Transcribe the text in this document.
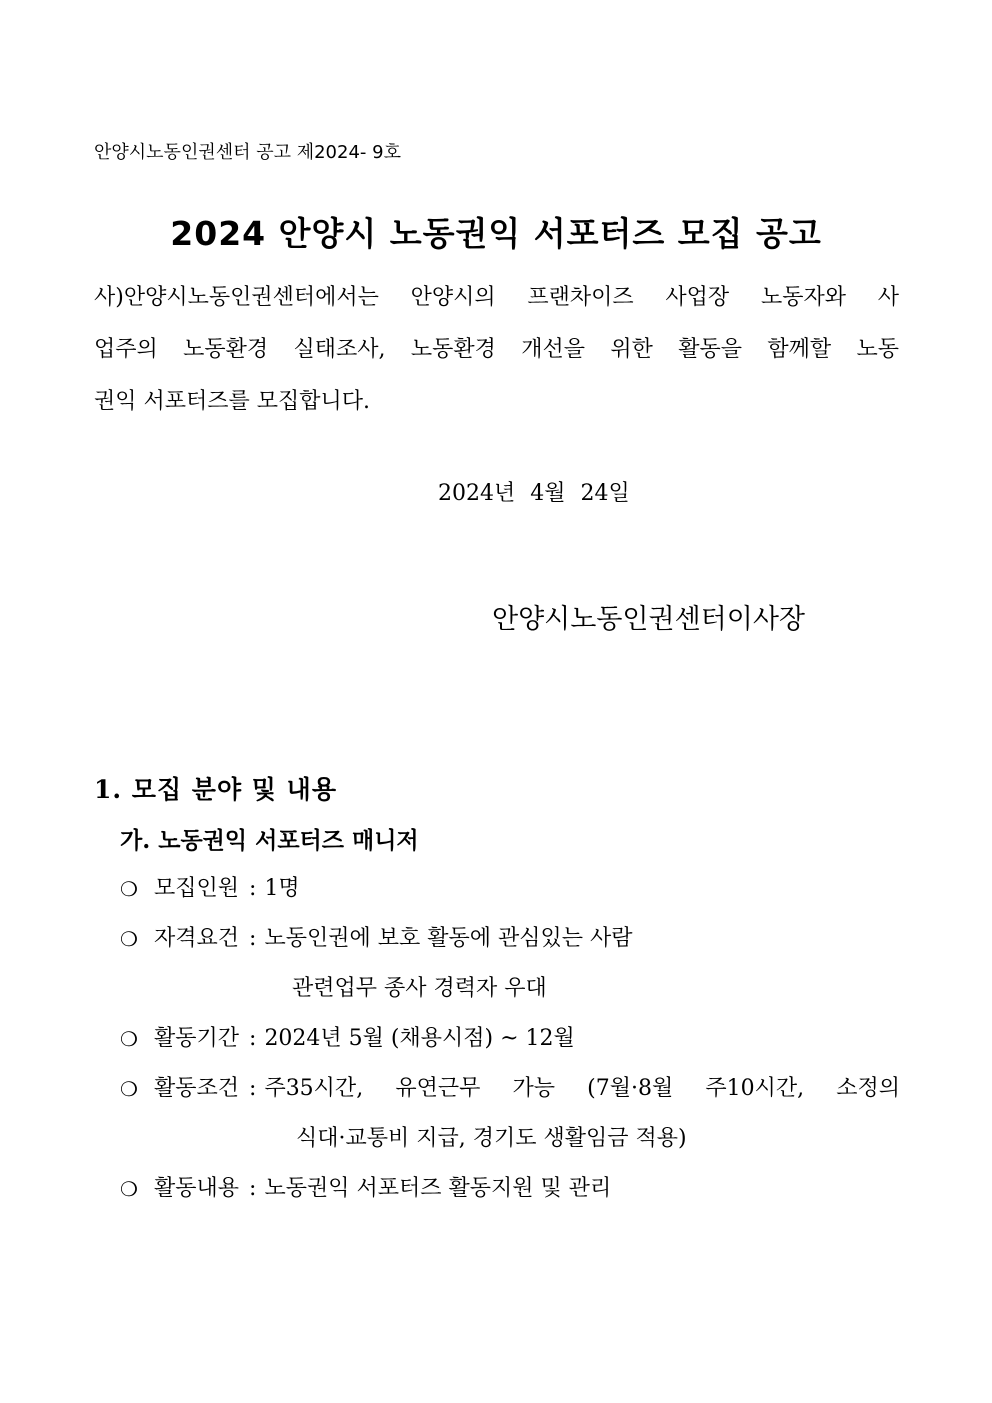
안양시노동인권센터 공고 제2024- 9호
2024 안양시 노동권익 서포터즈 모집 공고
사)안양시노동인권센터에서는 안양시의 프랜차이즈 사업장 노동자와 사
업주의 노동환경 실태조사, 노동환경 개선을 위한 활동을 함께할 노동
권익 서포터즈를 모집합니다.
2024년 4월 24일
안양시노동인권센터이사장
1. 모집 분야 및 내용
가. 노동권익 서포터즈 매니저
❍ 모집인원 : 1명
❍ 자격요건 : 노동인권에 보호 활동에 관심있는 사람
관련업무 종사 경력자 우대
❍ 활동기간 : 2024년 5월 (채용시점) ~ 12월
❍ 활동조건 : 주35시간, 유연근무 가능 (7월·8월 주10시간, 소정의
식대·교통비 지급, 경기도 생활임금 적용)
❍ 활동내용 : 노동권익 서포터즈 활동지원 및 관리
